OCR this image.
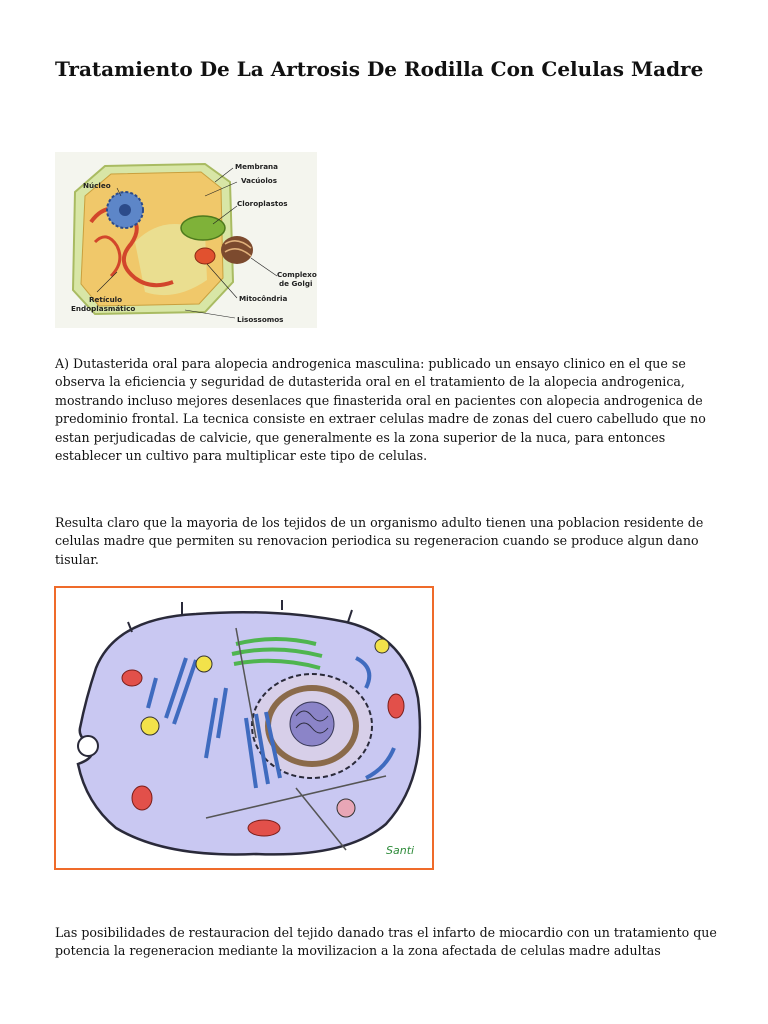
Tratamiento De La Artrosis De Rodilla Con Celulas Madre
Membrana
Vacúolos
Núcleo
Cloroplastos
Complexo
de Golgi
Mitocôndria
Retículo
Endoplasmático
Lisossomos

A) Dutasterida oral para alopecia androgenica masculina: publicado un ensayo clinico en el que se observa la eficiencia y seguridad de dutasterida oral en el tratamiento de la alopecia androgenica, mostrando incluso mejores desenlaces que finasterida oral en pacientes con alopecia androgenica de predominio frontal. La tecnica consiste en extraer celulas madre de zonas del cuero cabelludo que no estan perjudicadas de calvicie, que generalmente es la zona superior de la nuca, para entonces establecer un cultivo para multiplicar este tipo de celulas.

Resulta claro que la mayoria de los tejidos de un organismo adulto tienen una poblacion residente de celulas madre que permiten su renovacion periodica su regeneracion cuando se produce algun dano tisular.

Santi

Las posibilidades de restauracion del tejido danado tras el infarto de miocardio con un tratamiento que potencia la regeneracion mediante la movilizacion a la zona afectada de celulas madre adultas
